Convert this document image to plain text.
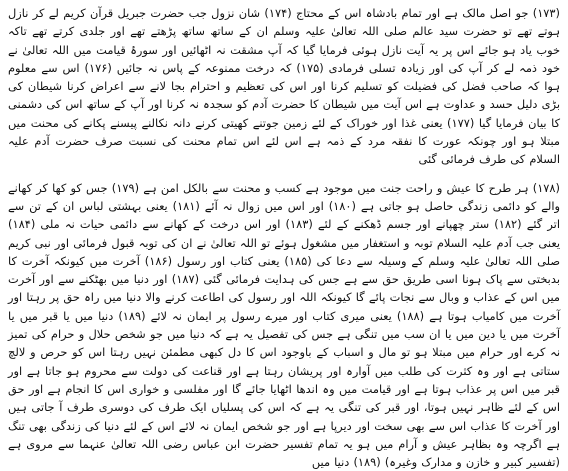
(۱۷۳) جو اصل مالک ہے اور تمام بادشاہ اس کے محتاج (۱۷۴) شان نزول جب حضرت جبریل قرآن کریم لے کر نازل ہوتے تھے تو حضرت سید عالم صلی اللہ تعالیٰ علیہ وسلم ان کے ساتھ ساتھ پڑھتے تھے اور جلدی کرتے تھے تاکہ خوب یاد ہو جائے اس پر یہ آیت نازل ہوئی فرمایا گیا کہ آپ مشقت نہ اٹھائیں اور سورۂ قیامت میں اللہ تعالیٰ نے خود ذمہ لے کر آپ کی اور زیادہ تسلی فرمادی (۱۷۵) کہ درخت ممنوعہ کے پاس نہ جائیں (۱۷۶) اس سے معلوم ہوا کہ صاحب فضل کی فضیلت کو تسلیم کرنا اور اس کی تعظیم و احترام بجا لانے سے اعراض کرنا شیطان کی بڑی دلیل حسد و عداوت ہے اس آیت میں شیطان کا حضرت آدم کو سجدہ نہ کرنا اور آپ کے ساتھ اس کی دشمنی کا بیان فرمایا گیا (۱۷۷) یعنی غذا اور خوراک کے لئے زمین جوتنے کھیتی کرنے دانہ نکالنے پیسنے پکانے کی محنت میں مبتلا ہو اور چونکہ عورت کا نفقہ مرد کے ذمہ ہے اس لئے اس تمام محنت کی نسبت صرف حضرت آدم علیہ السلام کی طرف فرمائی گئی

(۱۷۸) ہر طرح کا عیش و راحت جنت میں موجود ہے کسب و محنت سے بالکل امن ہے (۱۷۹) جس کو کھا کر کھانے والے کو دائمی زندگی حاصل ہو جاتی ہے (۱۸۰) اور اس میں زوال نہ آئے (۱۸۱) یعنی بہشتی لباس ان کے تن سے اتر گئے (۱۸۲) ستر چھپانے اور جسم ڈھکنے کے لئے (۱۸۳) اور اس درخت کے کھانے سے دائمی حیات نہ ملی (۱۸۴) یعنی جب آدم علیہ السلام توبہ و استغفار میں مشغول ہوئے تو اللہ تعالیٰ نے ان کی توبہ قبول فرمائی اور نبی کریم صلی اللہ تعالیٰ علیہ وسلم کے وسیلہ سے دعا کی (۱۸۵) یعنی کتاب اور رسول (۱۸۶) آخرت میں کیونکہ آخرت کا بدبختی سے پاک ہونا اسی طریق حق سے ہے جس کی ہدایت فرمائی گئی (۱۸۷) اور دنیا میں بھٹکنے سے اور آخرت میں اس کے عذاب و وبال سے نجات پائے گا کیونکہ اللہ اور رسول کی اطاعت کرنے والا دنیا میں راہ حق پر رہتا اور آخرت میں کامیاب ہوتا ہے (۱۸۸) یعنی میری کتاب اور میرے رسول پر ایمان نہ لائے (۱۸۹) دنیا میں یا قبر میں یا آخرت میں یا دین میں یا ان سب میں تنگی ہے جس کی تفصیل یہ ہے کہ دنیا میں جو شخص حلال و حرام کی تمیز نہ کرے اور حرام میں مبتلا ہو تو مال و اسباب کے باوجود اس کا دل کبھی مطمئن نہیں رہتا اس کو حرص و لالچ ستاتی ہے اور وہ کثرت کی طلب میں آوارہ اور پریشان رہتا ہے اور قناعت کی دولت سے محروم ہو جاتا ہے اور قبر میں اس پر عذاب ہوتا ہے اور قیامت میں وہ اندھا اٹھایا جائے گا اور مفلسی و خواری اس کا انجام ہے اور حق اس کے لئے ظاہر نہیں ہوتا، اور قبر کی تنگی یہ ہے کہ اس کی پسلیاں ایک طرف کی دوسری طرف آ جاتی ہیں اور آخرت کا عذاب اس سے بھی سخت اور دیرپا ہے اور جو شخص ایمان نہ لائے اس کے لئے دنیا کی زندگی بھی تنگ ہے اگرچہ وہ بظاہر عیش و آرام میں ہو یہ تمام تفسیر حضرت ابن عباس رضی اللہ تعالیٰ عنہما سے مروی ہے (تفسیر کبیر و خازن و مدارک وغیرہ) (۱۸۹) دنیا میں
